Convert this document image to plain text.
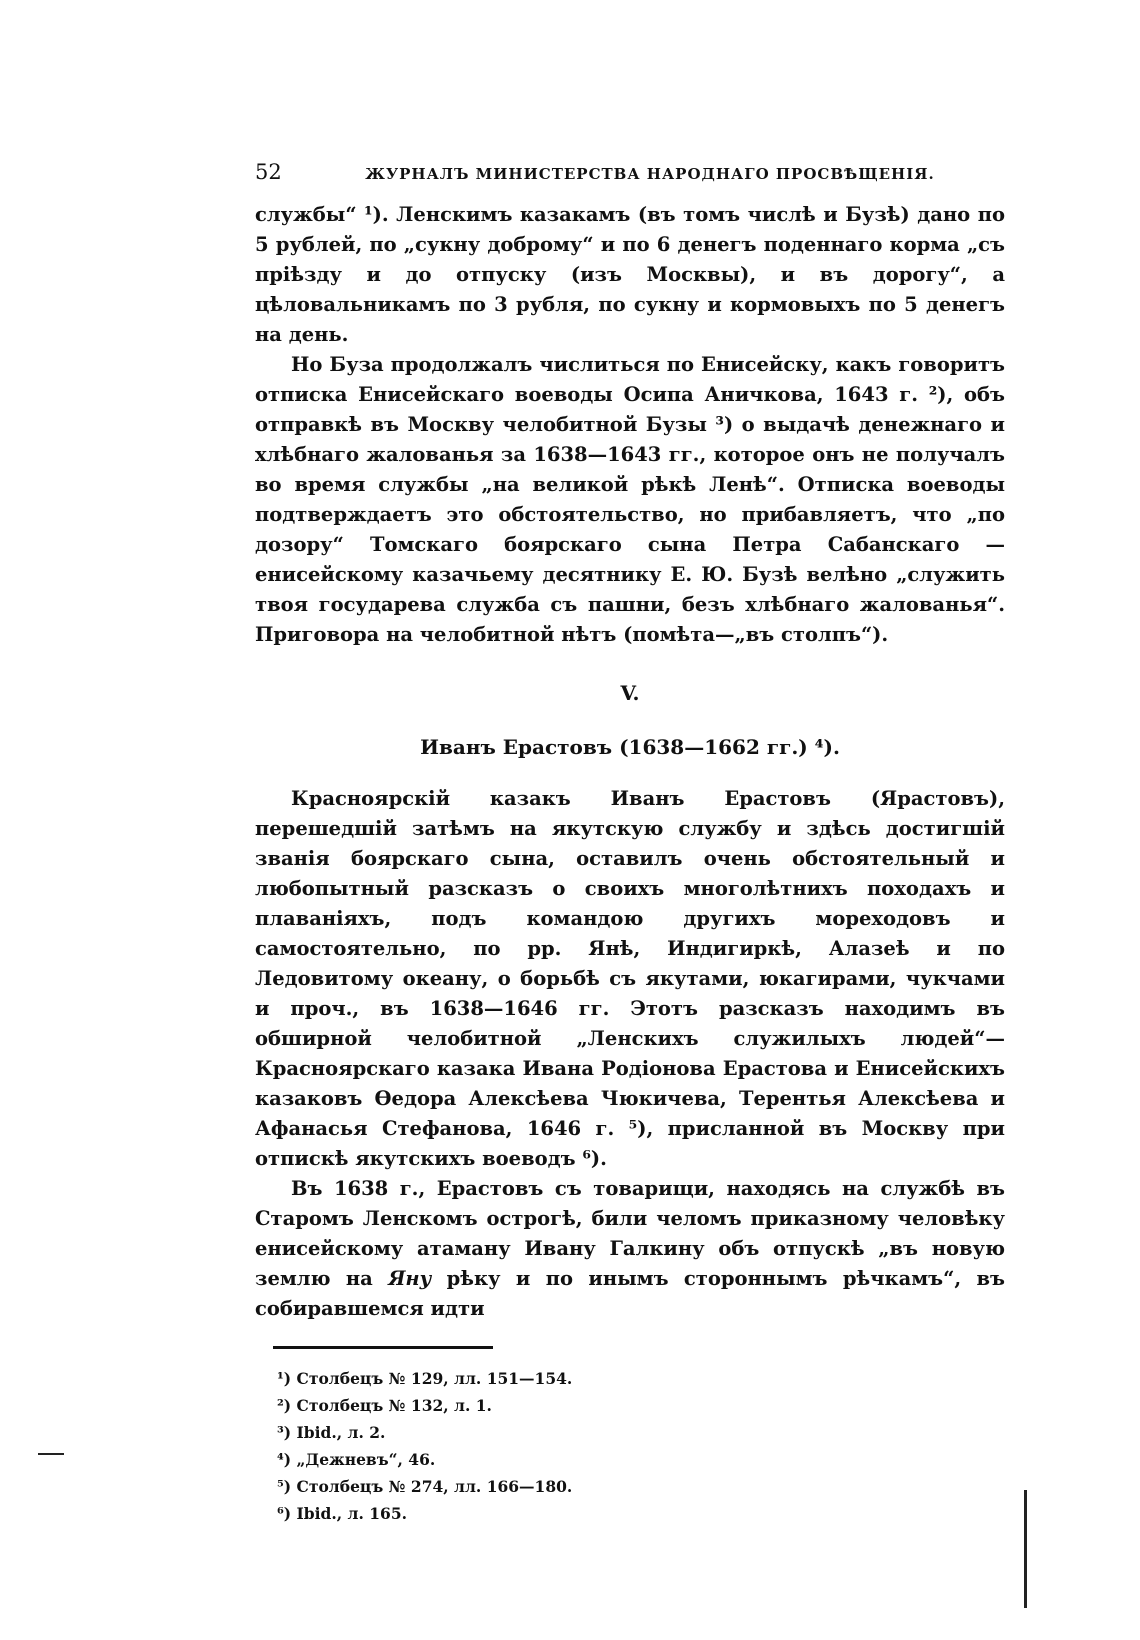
52	ЖУРНАЛЪ МИНИСТЕРСТВА НАРОДНАГО ПРОСВѢЩЕНІЯ.

службы“ ¹). Ленскимъ казакамъ (въ томъ числѣ и Бузѣ) дано по 5 рублей, по „сукну доброму“ и по 6 денегъ поденнаго корма „съ пріѣзду и до отпуску (изъ Москвы), и въ дорогу“, а цѣловальникамъ по 3 рубля, по сукну и кормовыхъ по 5 денегъ на день.

Но Буза продолжалъ числиться по Енисейску, какъ говоритъ отписка Енисейскаго воеводы Осипа Аничкова, 1643 г. ²), объ отправкѣ въ Москву челобитной Бузы ³) о выдачѣ денежнаго и хлѣбнаго жалованья за 1638—1643 гг., которое онъ не получалъ во время службы „на великой рѣкѣ Ленѣ“. Отписка воеводы подтверждаетъ это обстоятельство, но прибавляетъ, что „по дозору“ Томскаго боярскаго сына Петра Сабанскаго — енисейскому казачьему десятнику Е. Ю. Бузѣ велѣно „служить твоя государева служба съ пашни, безъ хлѣбнаго жалованья“. Приговора на челобитной нѣтъ (помѣта—„въ столпъ“).

V.
Иванъ Ерастовъ (1638—1662 гг.) ⁴).

Красноярскій казакъ Иванъ Ерастовъ (Ярастовъ), перешедшій затѣмъ на якутскую службу и здѣсь достигшій званія боярскаго сына, оставилъ очень обстоятельный и любопытный разсказъ о своихъ многолѣтнихъ походахъ и плаваніяхъ, подъ командою другихъ мореходовъ и самостоятельно, по рр. Янѣ, Индигиркѣ, Алазеѣ и по Ледовитому океану, о борьбѣ съ якутами, юкагирами, чукчами и проч., въ 1638—1646 гг. Этотъ разсказъ находимъ въ обширной челобитной „Ленскихъ служилыхъ людей“—Красноярскаго казака Ивана Родіонова Ерастова и Енисейскихъ казаковъ Ѳедора Алексѣева Чюкичева, Терентья Алексѣева и Афанасья Стефанова, 1646 г. ⁵), присланной въ Москву при отпискѣ якутскихъ воеводъ ⁶).

Въ 1638 г., Ерастовъ съ товарищи, находясь на службѣ въ Старомъ Ленскомъ острогѣ, били челомъ приказному человѣку енисейскому атаману Ивану Галкину объ отпускѣ „въ новую землю на Яну рѣку и по инымъ стороннымъ рѣчкамъ“, въ собиравшемся идти

¹) Столбецъ № 129, лл. 151—154.
²) Столбецъ № 132, л. 1.
³) Ibid., л. 2.
⁴) „Дежневъ“, 46.
⁵) Столбецъ № 274, лл. 166—180.
⁶) Ibid., л. 165.
